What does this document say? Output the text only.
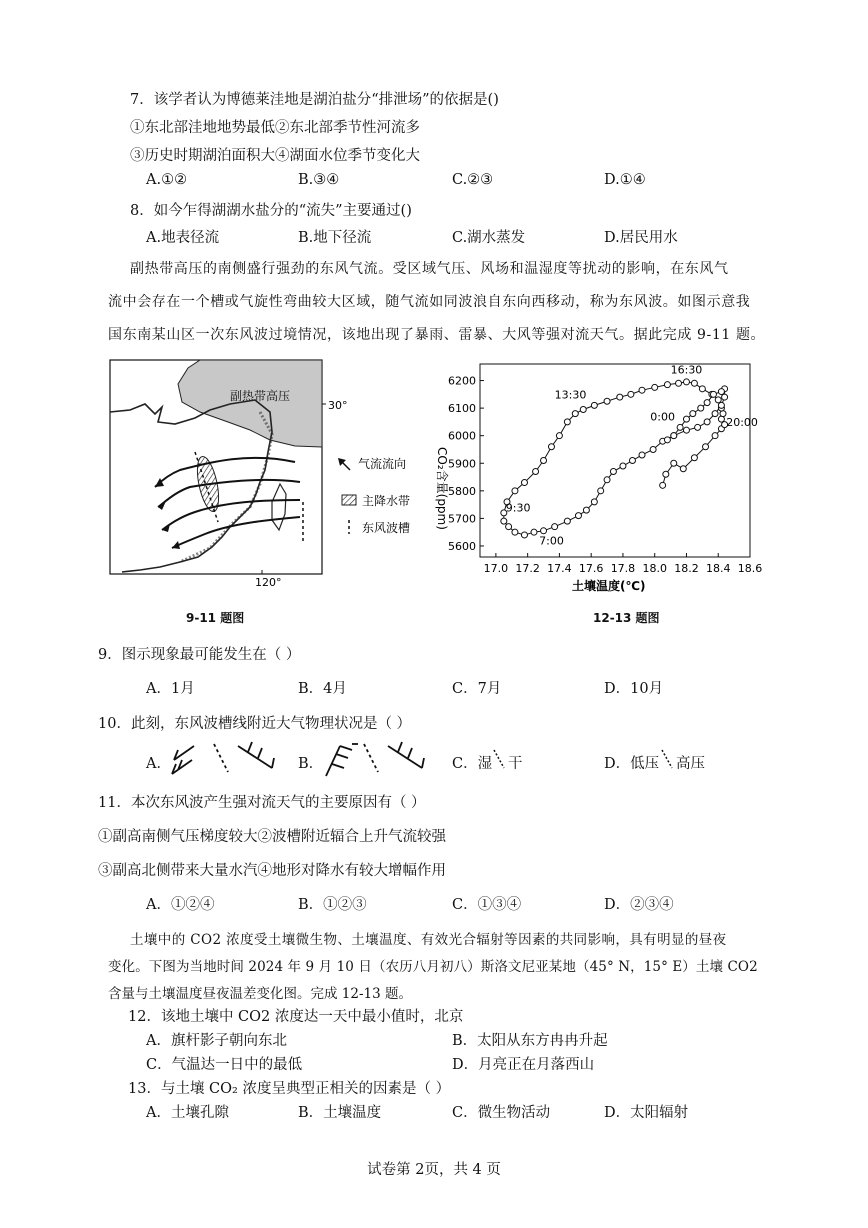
7．该学者认为博德莱洼地是湖泊盐分“排泄场”的依据是()
①东北部洼地地势最低②东北部季节性河流多
③历史时期湖泊面积大④湖面水位季节变化大
A.①②	B.③④	C.②③	D.①④
8．如今乍得湖湖水盐分的“流失”主要通过()
A.地表径流	B.地下径流	C.湖水蒸发	D.居民用水
副热带高压的南侧盛行强劲的东风气流。受区域气压、风场和温湿度等扰动的影响，在东风气
流中会存在一个槽或气旋性弯曲较大区域，随气流如同波浪自东向西移动，称为东风波。如图示意我
国东南某山区一次东风波过境情况，该地出现了暴雨、雷暴、大风等强对流天气。据此完成 9-11 题。
副热带高压
30°
120°
气流流向
主降水带
东风波槽
9-11 题图
17.0 17.2 17.4 17.6 17.8 18.0 18.2 18.4 18.6
5600
5700
5800
5900
6000
6100
6200
16:30
13:30
0:00	20:00
9:30
7:00
CO₂含量(ppm)
土壤温度(℃)
12-13 题图
9．图示现象最可能发生在（ ）
A．1月	B．4月	C．7月	D．10月
10．此刻，东风波槽线附近大气物理状况是（ ）
A．	B．	C．湿 干	D．低压 高压
11．本次东风波产生强对流天气的主要原因有（ ）
①副高南侧气压梯度较大②波槽附近辐合上升气流较强
③副高北侧带来大量水汽④地形对降水有较大增幅作用
A．①②④	B．①②③	C．①③④	D．②③④
土壤中的 CO2 浓度受土壤微生物、土壤温度、有效光合辐射等因素的共同影响，具有明显的昼夜
变化。下图为当地时间 2024 年 9 月 10 日（农历八月初八）斯洛文尼亚某地（45° N，15° E）土壤 CO2
含量与土壤温度昼夜温差变化图。完成 12-13 题。
12．该地土壤中 CO2 浓度达一天中最小值时，北京
A．旗杆影子朝向东北	B．太阳从东方冉冉升起
C．气温达一日中的最低	D．月亮正在月落西山
13．与土壤 CO₂ 浓度呈典型正相关的因素是（ ）
A．土壤孔隙	B．土壤温度	C．微生物活动	D．太阳辐射
试卷第 2页，共 4 页
